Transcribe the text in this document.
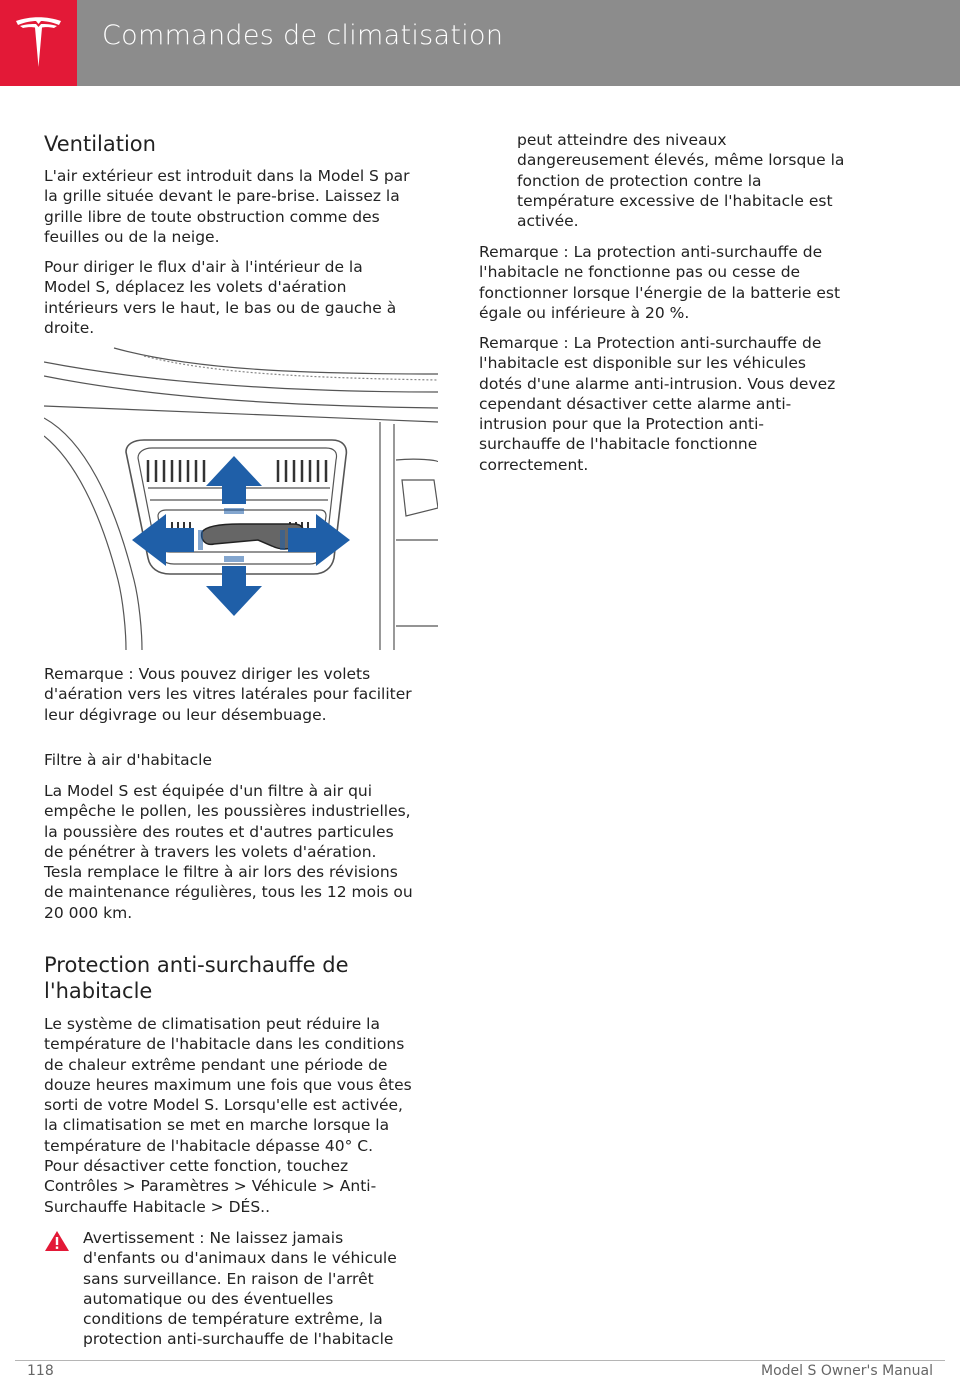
Commandes de climatisation
Ventilation
L'air extérieur est introduit dans la Model S par
la grille située devant le pare-brise. Laissez la
grille libre de toute obstruction comme des
feuilles ou de la neige.
Pour diriger le flux d'air à l'intérieur de la
Model S, déplacez les volets d'aération
intérieurs vers le haut, le bas ou de gauche à
droite.
Remarque : Vous pouvez diriger les volets
d'aération vers les vitres latérales pour faciliter
leur dégivrage ou leur désembuage.
Filtre à air d'habitacle
La Model S est équipée d'un filtre à air qui
empêche le pollen, les poussières industrielles,
la poussière des routes et d'autres particules
de pénétrer à travers les volets d'aération.
Tesla remplace le filtre à air lors des révisions
de maintenance régulières, tous les 12 mois ou
20 000 km.
Protection anti-surchauffe de
l'habitacle
Le système de climatisation peut réduire la
température de l'habitacle dans les conditions
de chaleur extrême pendant une période de
douze heures maximum une fois que vous êtes
sorti de votre Model S. Lorsqu'elle est activée,
la climatisation se met en marche lorsque la
température de l'habitacle dépasse 40° C.
Pour désactiver cette fonction, touchez
Contrôles > Paramètres > Véhicule > Anti-
Surchauffe Habitacle > DÉS..
Avertissement : Ne laissez jamais
d'enfants ou d'animaux dans le véhicule
sans surveillance. En raison de l'arrêt
automatique ou des éventuelles
conditions de température extrême, la
protection anti-surchauffe de l'habitacle
peut atteindre des niveaux
dangereusement élevés, même lorsque la
fonction de protection contre la
température excessive de l'habitacle est
activée.
Remarque : La protection anti-surchauffe de
l'habitacle ne fonctionne pas ou cesse de
fonctionner lorsque l'énergie de la batterie est
égale ou inférieure à 20 %.
Remarque : La Protection anti-surchauffe de
l'habitacle est disponible sur les véhicules
dotés d'une alarme anti-intrusion. Vous devez
cependant désactiver cette alarme anti-
intrusion pour que la Protection anti-
surchauffe de l'habitacle fonctionne
correctement.
118	Model S Owner's Manual
